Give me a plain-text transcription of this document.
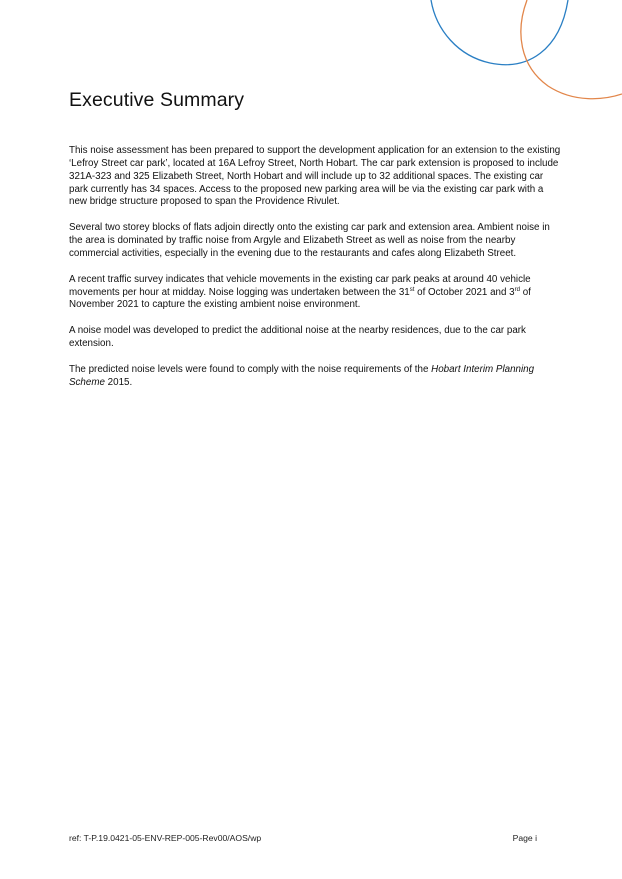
Executive Summary

This noise assessment has been prepared to support the development application for an extension to the existing ‘Lefroy Street car park’, located at 16A Lefroy Street, North Hobart. The car park extension is proposed to include 321A-323 and 325 Elizabeth Street, North Hobart and will include up to 32 additional spaces. The existing car park currently has 34 spaces. Access to the proposed new parking area will be via the existing car park with a new bridge structure proposed to span the Providence Rivulet.

Several two storey blocks of flats adjoin directly onto the existing car park and extension area. Ambient noise in the area is dominated by traffic noise from Argyle and Elizabeth Street as well as noise from the nearby commercial activities, especially in the evening due to the restaurants and cafes along Elizabeth Street.

A recent traffic survey indicates that vehicle movements in the existing car park peaks at around 40 vehicle movements per hour at midday. Noise logging was undertaken between the 31st of October 2021 and 3rd of November 2021 to capture the existing ambient noise environment.

A noise model was developed to predict the additional noise at the nearby residences, due to the car park extension.

The predicted noise levels were found to comply with the noise requirements of the Hobart Interim Planning Scheme 2015.

ref: T-P.19.0421-05-ENV-REP-005-Rev00/AOS/wp	Page i
